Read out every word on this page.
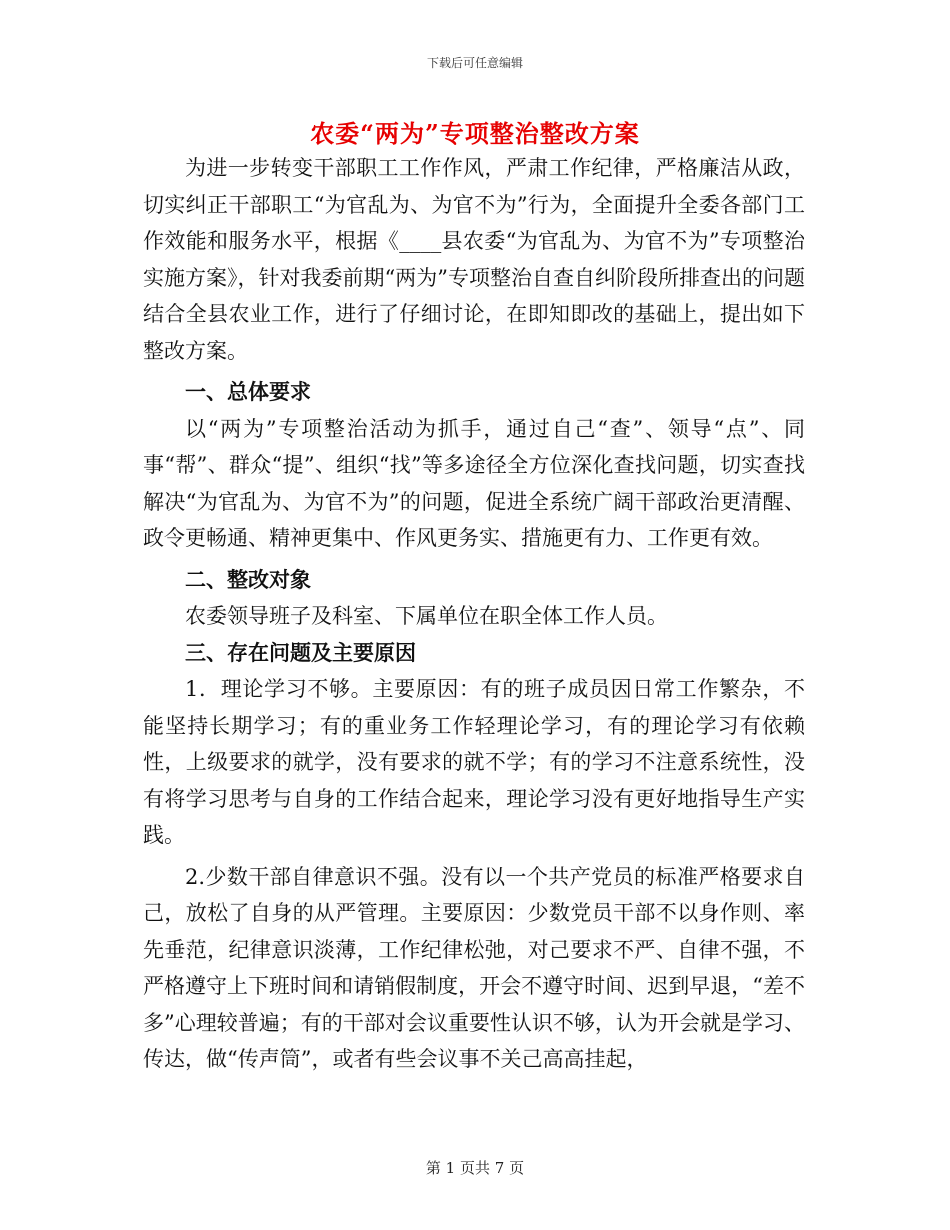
下载后可任意编辑
农委“两为”专项整治整改方案

为进一步转变干部职工工作作风，严肃工作纪律，严格廉洁从政，切实纠正干部职工“为官乱为、为官不为”行为，全面提升全委各部门工作效能和服务水平，根据《____县农委“为官乱为、为官不为”专项整治实施方案》，针对我委前期“两为”专项整治自查自纠阶段所排查出的问题结合全县农业工作，进行了仔细讨论，在即知即改的基础上，提出如下整改方案。

一、总体要求

以“两为”专项整治活动为抓手，通过自己“查”、领导“点”、同事“帮”、群众“提”、组织“找”等多途径全方位深化查找问题，切实查找解决“为官乱为、为官不为”的问题，促进全系统广阔干部政治更清醒、政令更畅通、精神更集中、作风更务实、措施更有力、工作更有效。

二、整改对象

农委领导班子及科室、下属单位在职全体工作人员。

三、存在问题及主要原因

1．理论学习不够。主要原因：有的班子成员因日常工作繁杂，不能坚持长期学习；有的重业务工作轻理论学习，有的理论学习有依赖性，上级要求的就学，没有要求的就不学；有的学习不注意系统性，没有将学习思考与自身的工作结合起来，理论学习没有更好地指导生产实践。

2.少数干部自律意识不强。没有以一个共产党员的标准严格要求自己，放松了自身的从严管理。主要原因：少数党员干部不以身作则、率先垂范，纪律意识淡薄，工作纪律松弛，对己要求不严、自律不强，不严格遵守上下班时间和请销假制度，开会不遵守时间、迟到早退，“差不多”心理较普遍；有的干部对会议重要性认识不够，认为开会就是学习、传达，做“传声筒”，或者有些会议事不关己高高挂起，

第 1 页共 7 页
